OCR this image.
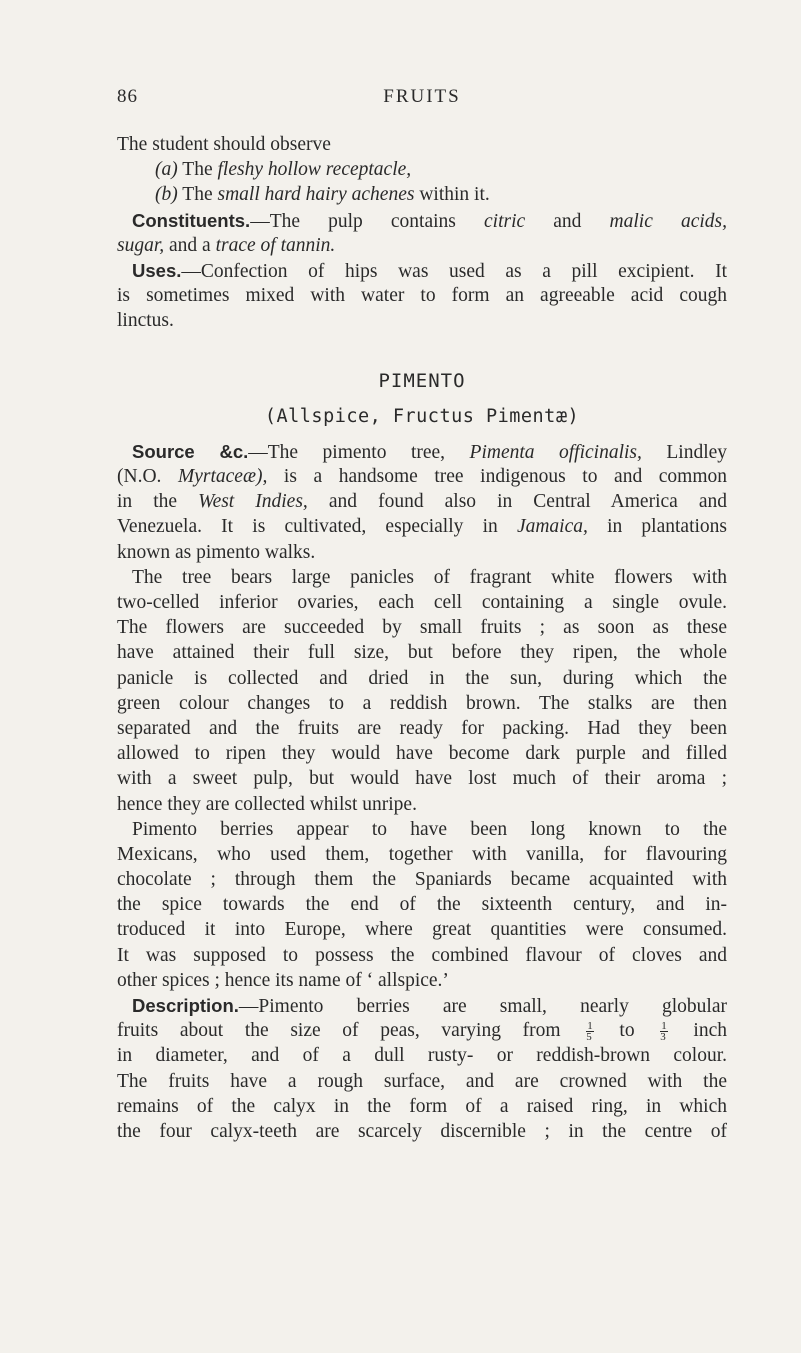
86	FRUITS
The student should observe
(a) The fleshy hollow receptacle,
(b) The small hard hairy achenes within it.
Constituents.—The pulp contains citric and malic acids,
sugar, and a trace of tannin.
Uses.—Confection of hips was used as a pill excipient. It
is sometimes mixed with water to form an agreeable acid cough
linctus.
PIMENTO
(Allspice, Fructus Pimentæ)
Source &c.—The pimento tree, Pimenta officinalis, Lindley
(N.O. Myrtaceæ), is a handsome tree indigenous to and common
in the West Indies, and found also in Central America and
Venezuela. It is cultivated, especially in Jamaica, in plantations
known as pimento walks.
The tree bears large panicles of fragrant white flowers with
two-celled inferior ovaries, each cell containing a single ovule.
The flowers are succeeded by small fruits ; as soon as these
have attained their full size, but before they ripen, the whole
panicle is collected and dried in the sun, during which the
green colour changes to a reddish brown. The stalks are then
separated and the fruits are ready for packing. Had they been
allowed to ripen they would have become dark purple and filled
with a sweet pulp, but would have lost much of their aroma ;
hence they are collected whilst unripe.
Pimento berries appear to have been long known to the
Mexicans, who used them, together with vanilla, for flavouring
chocolate ; through them the Spaniards became acquainted with
the spice towards the end of the sixteenth century, and in-
troduced it into Europe, where great quantities were consumed.
It was supposed to possess the combined flavour of cloves and
other spices ; hence its name of ‘ allspice.’
Description.—Pimento berries are small, nearly globular
fruits about the size of peas, varying from $\frac{1}{5}$ to $\frac{1}{3}$ inch
in diameter, and of a dull rusty- or reddish-brown colour.
The fruits have a rough surface, and are crowned with the
remains of the calyx in the form of a raised ring, in which
the four calyx-teeth are scarcely discernible ; in the centre of
